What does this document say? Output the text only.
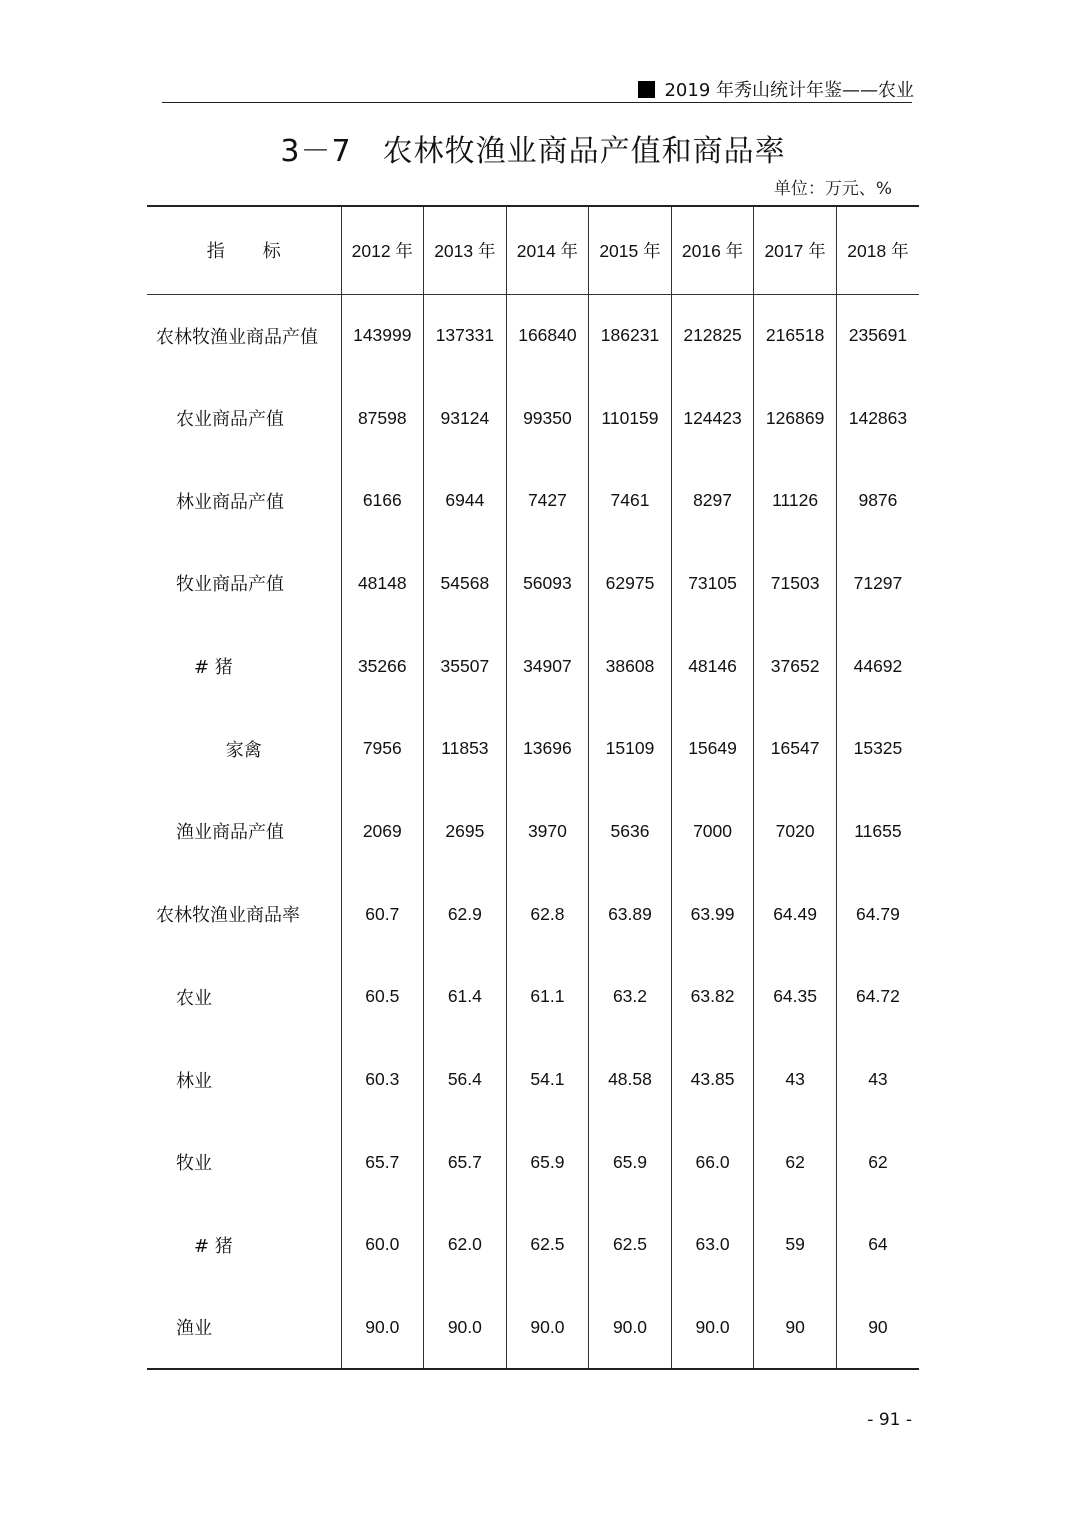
2019 年秀山统计年鉴——农业
3－7　农林牧渔业商品产值和商品率
单位：万元、%
指标	2012 年	2013 年	2014 年	2015 年	2016 年	2017 年	2018 年
农林牧渔业商品产值	143999	137331	166840	186231	212825	216518	235691
农业商品产值	87598	93124	99350	110159	124423	126869	142863
林业商品产值	6166	6944	7427	7461	8297	11126	9876
牧业商品产值	48148	54568	56093	62975	73105	71503	71297
# 猪	35266	35507	34907	38608	48146	37652	44692
家禽	7956	11853	13696	15109	15649	16547	15325
渔业商品产值	2069	2695	3970	5636	7000	7020	11655
农林牧渔业商品率	60.7	62.9	62.8	63.89	63.99	64.49	64.79
农业	60.5	61.4	61.1	63.2	63.82	64.35	64.72
林业	60.3	56.4	54.1	48.58	43.85	43	43
牧业	65.7	65.7	65.9	65.9	66.0	62	62
# 猪	60.0	62.0	62.5	62.5	63.0	59	64
渔业	90.0	90.0	90.0	90.0	90.0	90	90
- 91 -
